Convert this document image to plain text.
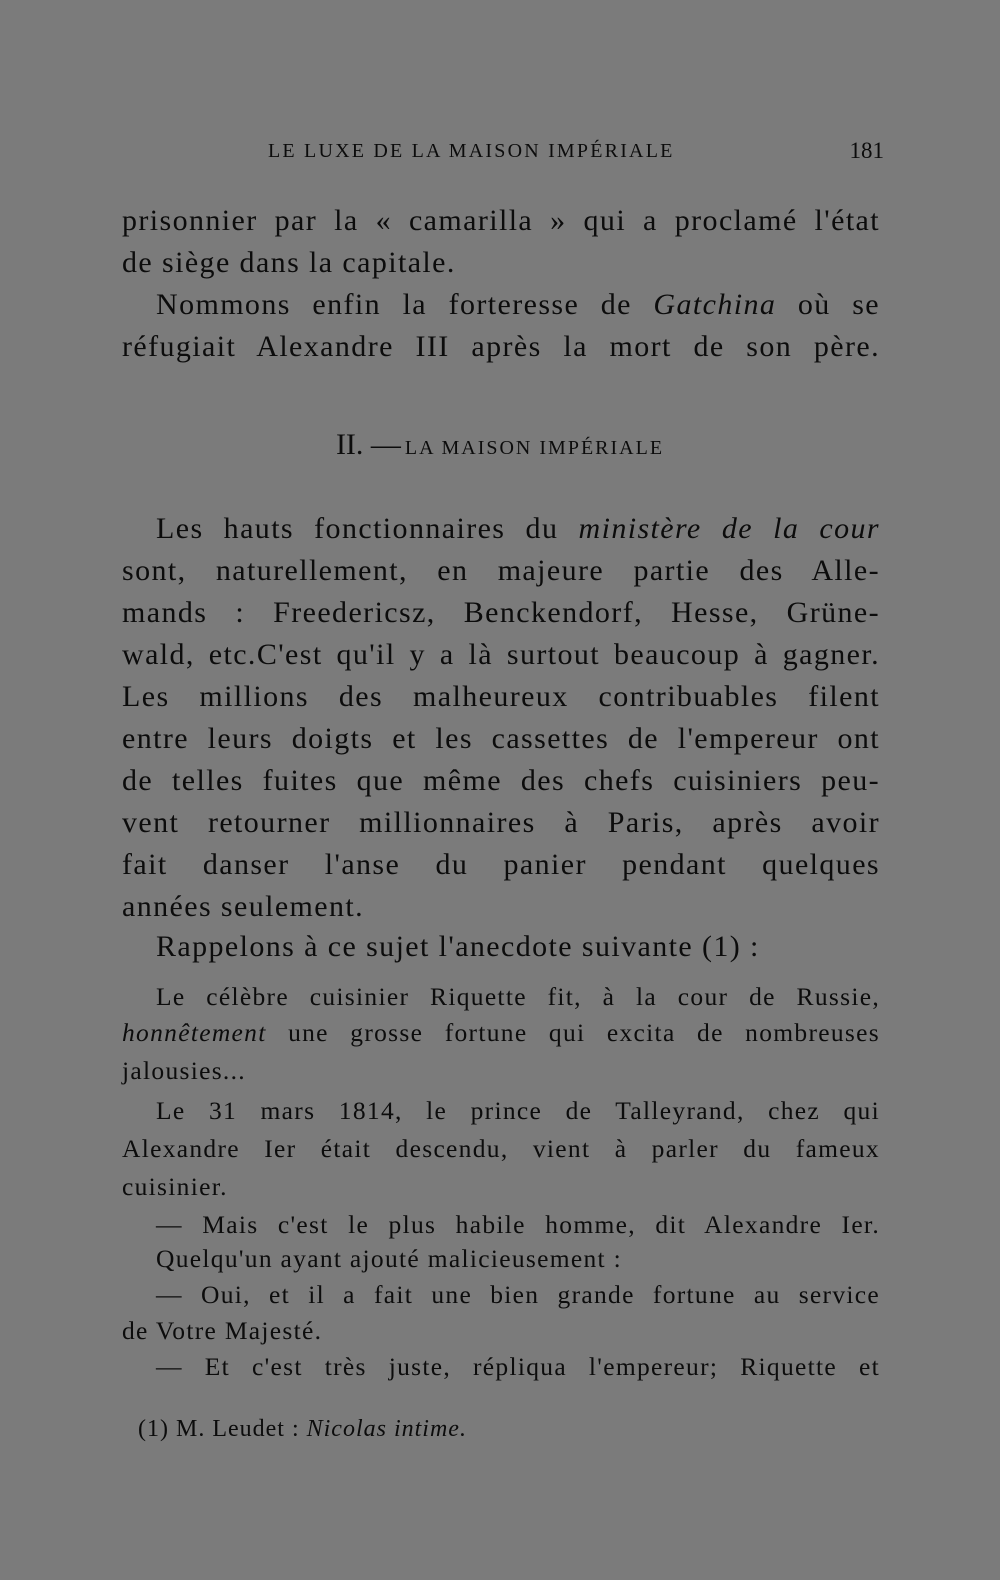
LE LUXE DE LA MAISON IMPÉRIALE	181
prisonnier par la « camarilla » qui a proclamé l'état
de siège dans la capitale.
Nommons enfin la forteresse de Gatchina où se
réfugiait Alexandre III après la mort de son père.
II. — LA MAISON IMPÉRIALE
Les hauts fonctionnaires du ministère de la cour
sont, naturellement, en majeure partie des Alle-
mands : Freedericsz, Benckendorf, Hesse, Grüne-
wald, etc.C'est qu'il y a là surtout beaucoup à gagner.
Les millions des malheureux contribuables filent
entre leurs doigts et les cassettes de l'empereur ont
de telles fuites que même des chefs cuisiniers peu-
vent retourner millionnaires à Paris, après avoir
fait danser l'anse du panier pendant quelques
années seulement.
Rappelons à ce sujet l'anecdote suivante (1) :
Le célèbre cuisinier Riquette fit, à la cour de Russie,
honnêtement une grosse fortune qui excita de nombreuses
jalousies...
Le 31 mars 1814, le prince de Talleyrand, chez qui
Alexandre Ier était descendu, vient à parler du fameux
cuisinier.
— Mais c'est le plus habile homme, dit Alexandre Ier.
Quelqu'un ayant ajouté malicieusement :
— Oui, et il a fait une bien grande fortune au service
de Votre Majesté.
— Et c'est très juste, répliqua l'empereur; Riquette et
(1) M. Leudet : Nicolas intime.
